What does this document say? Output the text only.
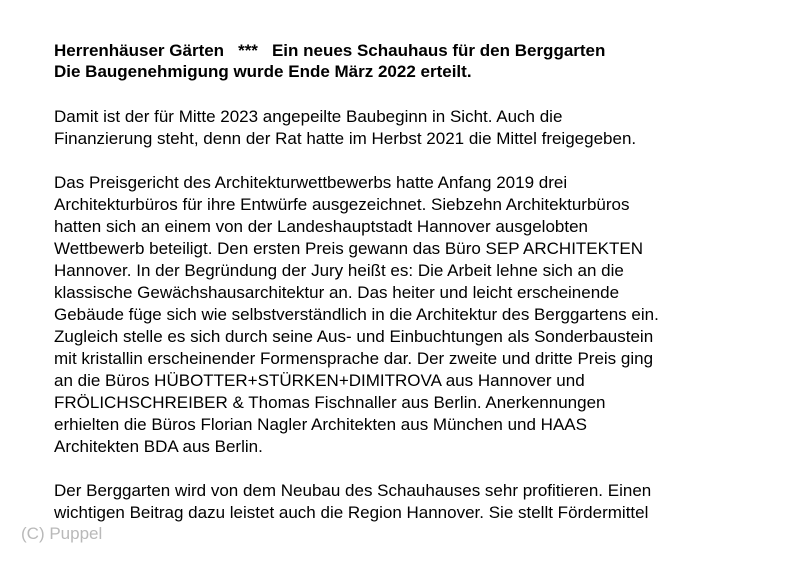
Herrenhäuser Gärten *** Ein neues Schauhaus für den Berggarten
Die Baugenehmigung wurde Ende März 2022 erteilt.

Damit ist der für Mitte 2023 angepeilte Baubeginn in Sicht. Auch die
Finanzierung steht, denn der Rat hatte im Herbst 2021 die Mittel freigegeben.

Das Preisgericht des Architekturwettbewerbs hatte Anfang 2019 drei
Architekturbüros für ihre Entwürfe ausgezeichnet. Siebzehn Architekturbüros
hatten sich an einem von der Landeshauptstadt Hannover ausgelobten
Wettbewerb beteiligt. Den ersten Preis gewann das Büro SEP ARCHITEKTEN
Hannover. In der Begründung der Jury heißt es: Die Arbeit lehne sich an die
klassische Gewächshausarchitektur an. Das heiter und leicht erscheinende
Gebäude füge sich wie selbstverständlich in die Architektur des Berggartens ein.
Zugleich stelle es sich durch seine Aus- und Einbuchtungen als Sonderbaustein
mit kristallin erscheinender Formensprache dar. Der zweite und dritte Preis ging
an die Büros HÜBOTTER+STÜRKEN+DIMITROVA aus Hannover und
FRÖLICHSCHREIBER & Thomas Fischnaller aus Berlin. Anerkennungen
erhielten die Büros Florian Nagler Architekten aus München und HAAS
Architekten BDA aus Berlin.

Der Berggarten wird von dem Neubau des Schauhauses sehr profitieren. Einen
wichtigen Beitrag dazu leistet auch die Region Hannover. Sie stellt Fördermittel

(C) Puppel
